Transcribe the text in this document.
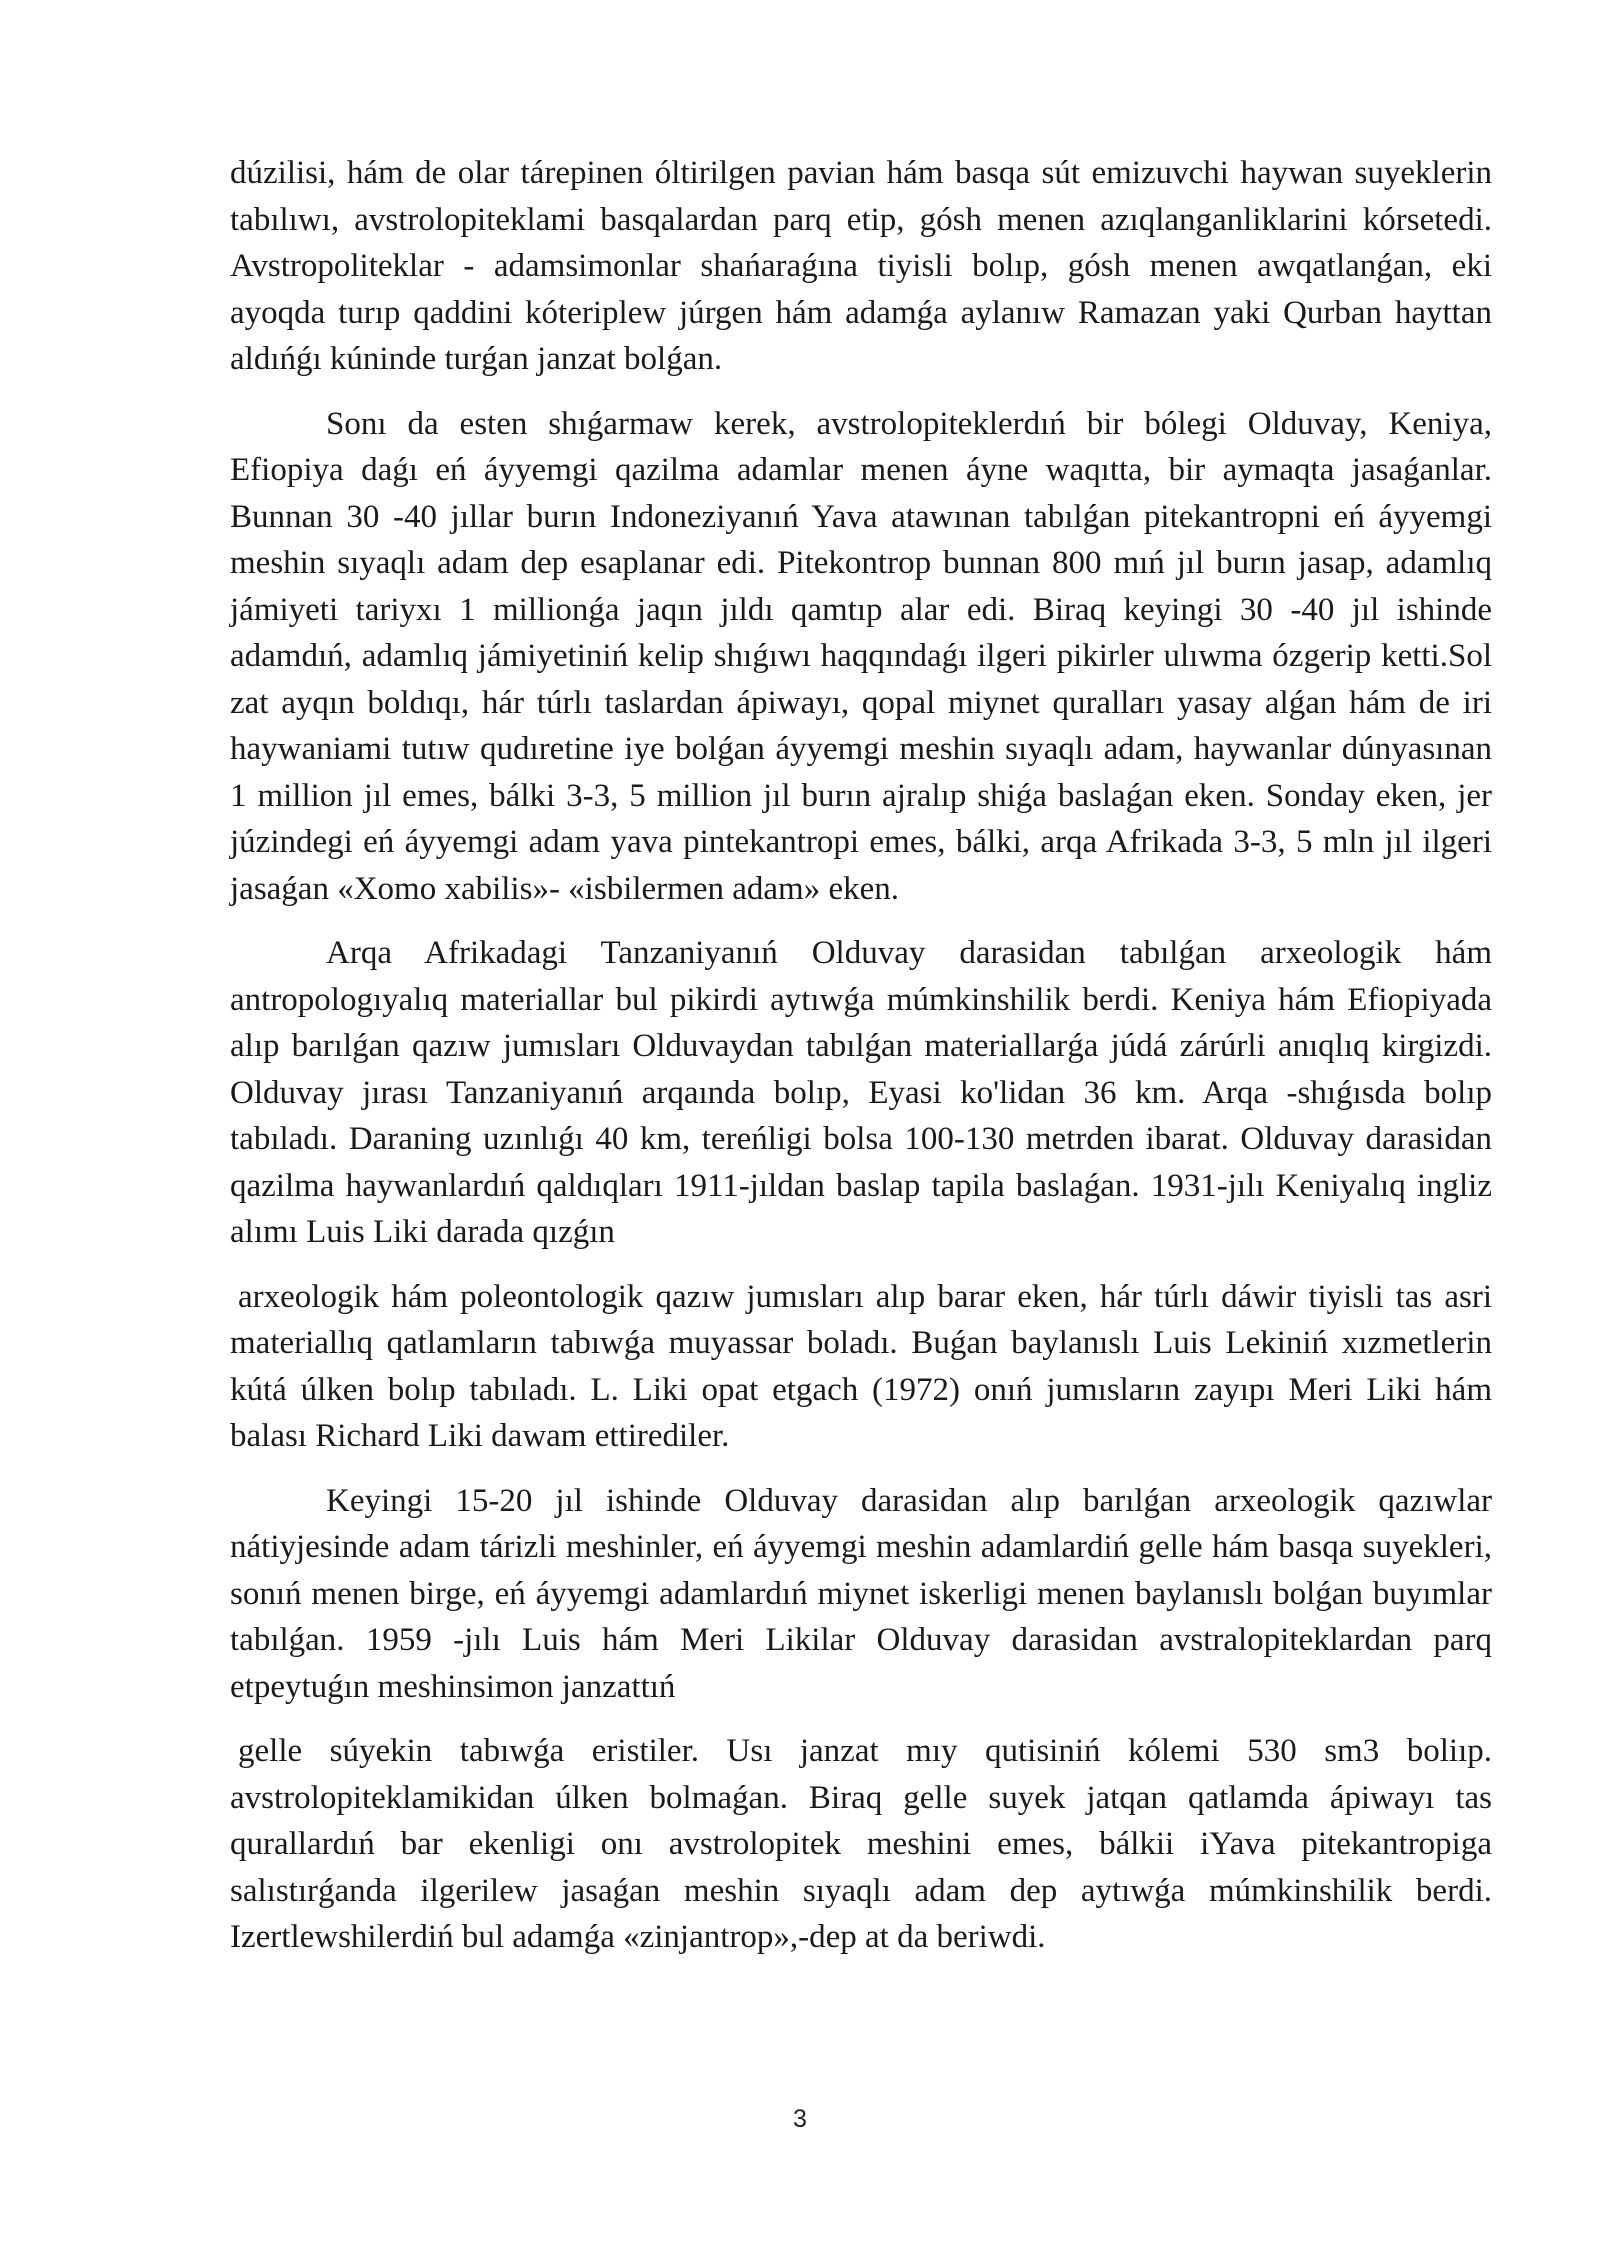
dúzilisi, hám de olar tárepinen óltirilgen pavian hám basqa sút emizuvchi haywan suyeklerin tabılıwı, avstrolopiteklami basqalardan parq etip, gósh menen azıqlanganliklarini kórsetedi. Avstropoliteklar - adamsimonlar shańaraǵına tiyisli bolıp, gósh menen awqatlanǵan, eki ayoqda turıp qaddini kóteriplew júrgen hám adamǵa aylanıw Ramazan yaki Qurban hayttan aldıńǵı kúninde turǵan janzat bolǵan.

Sonı da esten shıǵarmaw kerek, avstrolopiteklerdıń bir bólegi Olduvay, Keniya, Efiopiya daǵı eń áyyemgi qazilma adamlar menen áyne waqıtta, bir aymaqta jasaǵanlar. Bunnan 30 -40 jıllar burın Indoneziyanıń Yava atawınan tabılǵan pitekantropni eń áyyemgi meshin sıyaqlı adam dep esaplanar edi. Pitekontrop bunnan 800 mıń jıl burın jasap, adamlıq jámiyeti tariyxı 1 millionǵa jaqın jıldı qamtıp alar edi. Biraq keyingi 30 -40 jıl ishinde adamdıń, adamlıq jámiyetiniń kelip shıǵıwı haqqındaǵı ilgeri pikirler ulıwma ózgerip ketti.Sol zat ayqın boldıqı, hár túrlı taslardan ápiwayı, qopal miynet quralları yasay alǵan hám de iri haywaniami tutıw qudıretine iye bolǵan áyyemgi meshin sıyaqlı adam, haywanlar dúnyasınan 1 million jıl emes, bálki 3-3, 5 million jıl burın ajralıp shiǵa baslaǵan eken. Sonday eken, jer júzindegi eń áyyemgi adam yava pintekantropi emes, bálki, arqa Afrikada 3-3, 5 mln jıl ilgeri jasaǵan «Xomo xabilis»- «isbilermen adam» eken.

Arqa Afrikadagi Tanzaniyanıń Olduvay darasidan tabılǵan arxeologik hám antropologıyalıq materiallar bul pikirdi aytıwǵa múmkinshilik berdi. Keniya hám Efiopiyada alıp barılǵan qazıw jumısları Olduvaydan tabılǵan materiallarǵa júdá zárúrli anıqlıq kirgizdi. Olduvay jırası Tanzaniyanıń arqaında bolıp, Eyasi ko'lidan 36 km. Arqa -shıǵısda bolıp tabıladı. Daraning uzınlıǵı 40 km, tereńligi bolsa 100-130 metrden ibarat. Olduvay darasidan qazilma haywanlardıń qaldıqları 1911-jıldan baslap tapila baslaǵan. 1931-jılı Keniyalıq ingliz alımı Luis Liki darada qızǵın

arxeologik hám poleontologik qazıw jumısları alıp barar eken, hár túrlı dáwir tiyisli tas asri materiallıq qatlamların tabıwǵa muyassar boladı. Buǵan baylanıslı Luis Lekiniń xızmetlerin kútá úlken bolıp tabıladı. L. Liki opat etgach (1972) onıń jumısların zayıpı Meri Liki hám balası Richard Liki dawam ettirediler.

Keyingi 15-20 jıl ishinde Olduvay darasidan alıp barılǵan arxeologik qazıwlar nátiyjesinde adam tárizli meshinler, eń áyyemgi meshin adamlardiń gelle hám basqa suyekleri, sonıń menen birge, eń áyyemgi adamlardıń miynet iskerligi menen baylanıslı bolǵan buyımlar tabılǵan. 1959 -jılı Luis hám Meri Likilar Olduvay darasidan avstralopiteklardan parq etpeytuǵın meshinsimon janzattıń

gelle súyekin tabıwǵa eristiler. Usı janzat mıy qutisiniń kólemi 530 sm3 boliıp. avstrolopiteklamikidan úlken bolmaǵan. Biraq gelle suyek jatqan qatlamda ápiwayı tas qurallardıń bar ekenligi onı avstrolopitek meshini emes, bálkii iYava pitekantropiga salıstırǵanda ilgerilew jasaǵan meshin sıyaqlı adam dep aytıwǵa múmkinshilik berdi. Izertlewshilerdiń bul adamǵa «zinjantrop»,-dep at da beriwdi.

3
